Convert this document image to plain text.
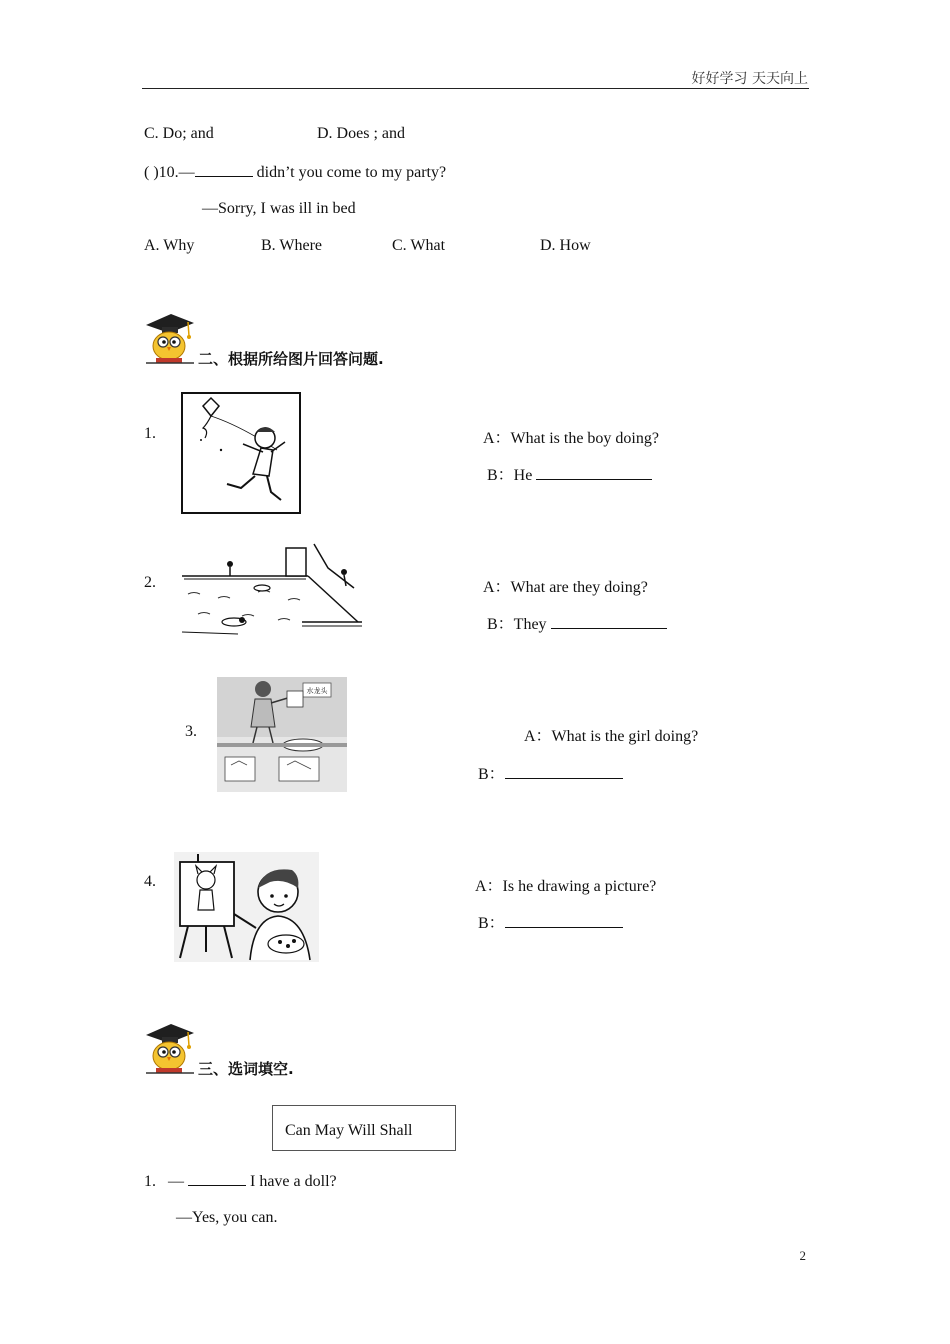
好好学习 天天向上
C. Do; and	D. Does ; and
( )10.—	didn’t you come to my party?
—Sorry, I was ill in bed
A. Why	B. Where	C. What	D. How
二、根据所给图片回答问题.
1.	A：What is the boy doing?
B：He
2.	A：What are they doing?
B：They
3.
水龙头
A：What is the girl doing?
B：
4.	A：Is he drawing a picture?
B：
三、选词填空.
Can May Will Shall
1. —	I have a doll?
—Yes, you can.
2
